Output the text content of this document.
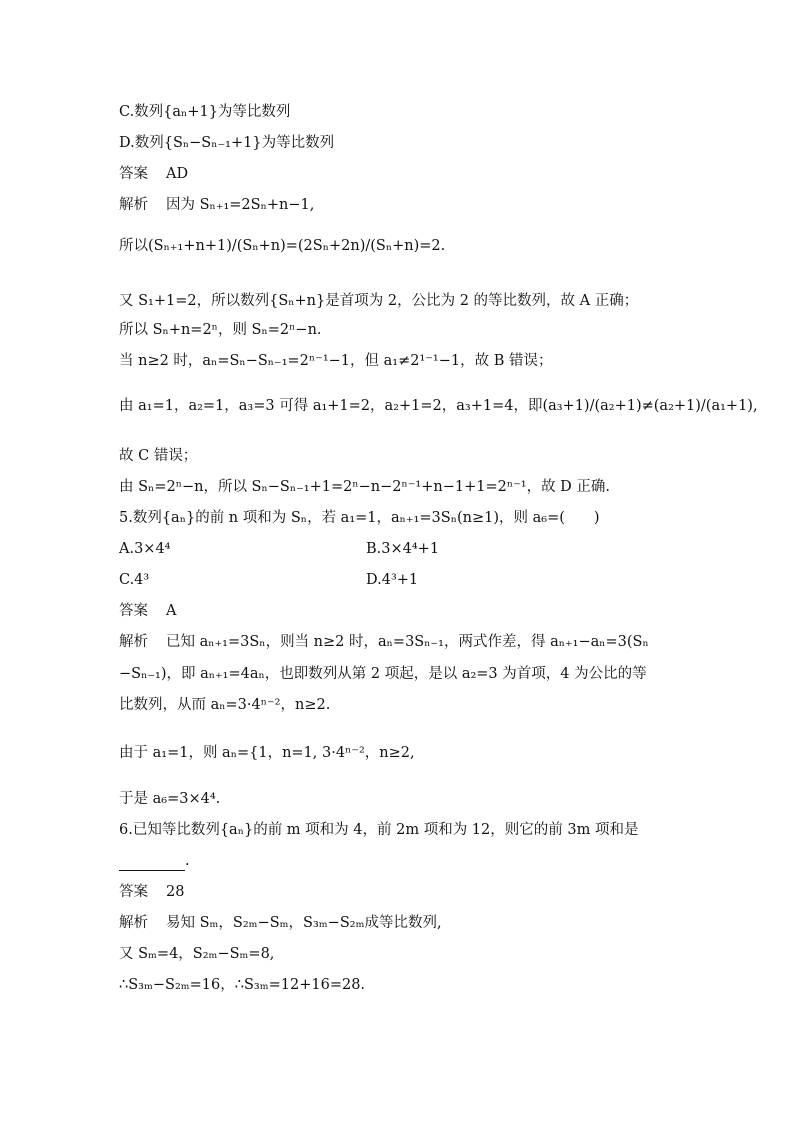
C.数列{aₙ+1}为等比数列
D.数列{Sₙ−Sₙ₋₁+1}为等比数列
答案 AD
解析 因为 Sₙ₊₁=2Sₙ+n−1,
所以(Sₙ₊₁+n+1)/(Sₙ+n)=(2Sₙ+2n)/(Sₙ+n)=2.
又 S₁+1=2，所以数列{Sₙ+n}是首项为 2，公比为 2 的等比数列，故 A 正确；
所以 Sₙ+n=2ⁿ，则 Sₙ=2ⁿ−n.
当 n≥2 时，aₙ=Sₙ−Sₙ₋₁=2ⁿ⁻¹−1，但 a₁≠2¹⁻¹−1，故 B 错误；
由 a₁=1，a₂=1，a₃=3 可得 a₁+1=2，a₂+1=2，a₃+1=4，即(a₃+1)/(a₂+1)≠(a₂+1)/(a₁+1),
故 C 错误；
由 Sₙ=2ⁿ−n，所以 Sₙ−Sₙ₋₁+1=2ⁿ−n−2ⁿ⁻¹+n−1+1=2ⁿ⁻¹，故 D 正确.
5.数列{aₙ}的前 n 项和为 Sₙ，若 a₁=1，aₙ₊₁=3Sₙ(n≥1)，则 a₆=(　　)
A.3×4⁴	B.3×4⁴+1
C.4³	D.4³+1
答案 A
解析 已知 aₙ₊₁=3Sₙ，则当 n≥2 时，aₙ=3Sₙ₋₁，两式作差，得 aₙ₊₁−aₙ=3(Sₙ
−Sₙ₋₁)，即 aₙ₊₁=4aₙ，也即数列从第 2 项起，是以 a₂=3 为首项，4 为公比的等
比数列，从而 aₙ=3·4ⁿ⁻²，n≥2.
由于 a₁=1，则 aₙ={1，n=1, 3·4ⁿ⁻²，n≥2,
于是 a₆=3×4⁴.
6.已知等比数列{aₙ}的前 m 项和为 4，前 2m 项和为 12，则它的前 3m 项和是
.
答案 28
解析 易知 Sₘ，S₂ₘ−Sₘ，S₃ₘ−S₂ₘ成等比数列,
又 Sₘ=4，S₂ₘ−Sₘ=8,
∴S₃ₘ−S₂ₘ=16，∴S₃ₘ=12+16=28.
